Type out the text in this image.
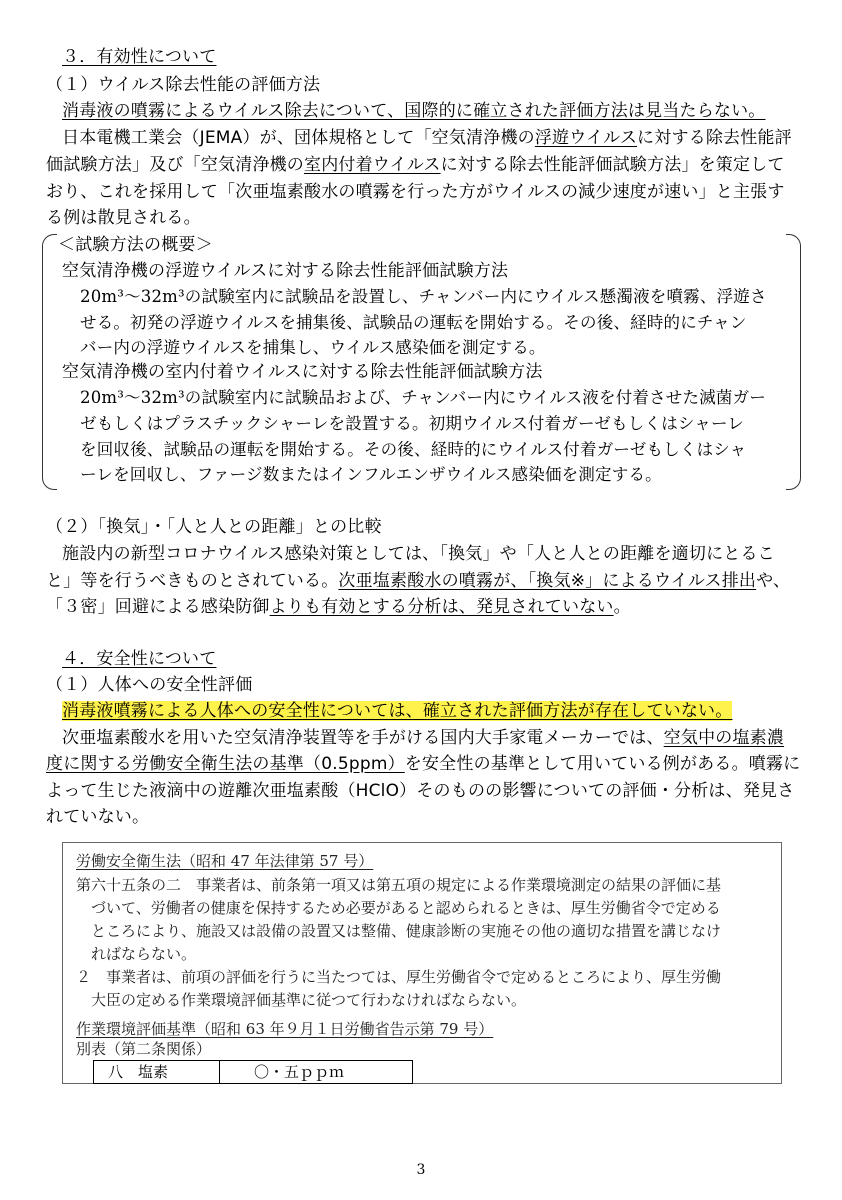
３．有効性について
（１）ウイルス除去性能の評価方法
消毒液の噴霧によるウイルス除去について、国際的に確立された評価方法は見当たらない。
日本電機工業会（JEMA）が、団体規格として「空気清浄機の浮遊ウイルスに対する除去性能評
価試験方法」及び「空気清浄機の室内付着ウイルスに対する除去性能評価試験方法」を策定して
おり、これを採用して「次亜塩素酸水の噴霧を行った方がウイルスの減少速度が速い」と主張す
る例は散見される。
＜試験方法の概要＞
空気清浄機の浮遊ウイルスに対する除去性能評価試験方法
20m³～32m³の試験室内に試験品を設置し、チャンバー内にウイルス懸濁液を噴霧、浮遊さ
せる。初発の浮遊ウイルスを捕集後、試験品の運転を開始する。その後、経時的にチャン
バー内の浮遊ウイルスを捕集し、ウイルス感染価を測定する。
空気清浄機の室内付着ウイルスに対する除去性能評価試験方法
20m³～32m³の試験室内に試験品および、チャンバー内にウイルス液を付着させた滅菌ガー
ゼもしくはプラスチックシャーレを設置する。初期ウイルス付着ガーゼもしくはシャーレ
を回収後、試験品の運転を開始する。その後、経時的にウイルス付着ガーゼもしくはシャ
ーレを回収し、ファージ数またはインフルエンザウイルス感染価を測定する。
（２）「換気」・「人と人との距離」との比較
施設内の新型コロナウイルス感染対策としては、「換気」や「人と人との距離を適切にとるこ
と」等を行うべきものとされている。次亜塩素酸水の噴霧が、「換気※」によるウイルス排出や、
「３密」回避による感染防御よりも有効とする分析は、発見されていない。
４．安全性について
（１）人体への安全性評価
消毒液噴霧による人体への安全性については、確立された評価方法が存在していない。
次亜塩素酸水を用いた空気清浄装置等を手がける国内大手家電メーカーでは、空気中の塩素濃
度に関する労働安全衛生法の基準（0.5ppm）を安全性の基準として用いている例がある。噴霧に
よって生じた液滴中の遊離次亜塩素酸（HClO）そのものの影響についての評価・分析は、発見さ
れていない。
労働安全衛生法（昭和 47 年法律第 57 号）
第六十五条の二　事業者は、前条第一項又は第五項の規定による作業環境測定の結果の評価に基
づいて、労働者の健康を保持するため必要があると認められるときは、厚生労働省令で定める
ところにより、施設又は設備の設置又は整備、健康診断の実施その他の適切な措置を講じなけ
ればならない。
２　事業者は、前項の評価を行うに当たつては、厚生労働省令で定めるところにより、厚生労働
大臣の定める作業環境評価基準に従つて行わなければならない。
作業環境評価基準（昭和 63 年９月１日労働省告示第 79 号）
別表（第二条関係）
八　塩素	〇・五ｐｐｍ
3
